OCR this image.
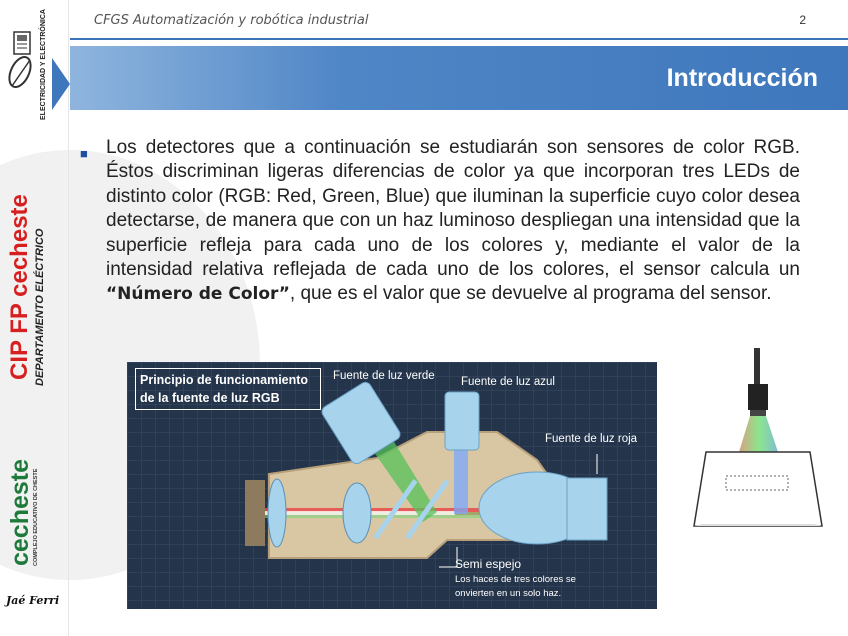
ELECTRICIDAD Y ELECTRÓNICA
CIP FP cecheste DEPARTAMENTO ELÉCTRICO
cecheste COMPLEJO EDUCATIVO DE CHESTE
Jaé Ferri
CFGS Automatización y robótica industrial	2
Introducción
■ Los detectores que a continuación se estudiarán son sensores de color RGB. Éstos discriminan ligeras diferencias de color ya que incorporan tres LEDs de distinto color (RGB: Red, Green, Blue) que iluminan la superficie cuyo color desea detectarse, de manera que con un haz luminoso despliegan una intensidad que la superficie refleja para cada uno de los colores y, mediante el valor de la intensidad relativa reflejada de cada uno de los colores, el sensor calcula un “Número de Color”, que es el valor que se devuelve al programa del sensor.
Principio de funcionamiento
de la fuente de luz RGB
Fuente de luz verde Fuente de luz azul
Fuente de luz roja
Semi espejo
Los haces de tres colores se
onvierten en un solo haz.
